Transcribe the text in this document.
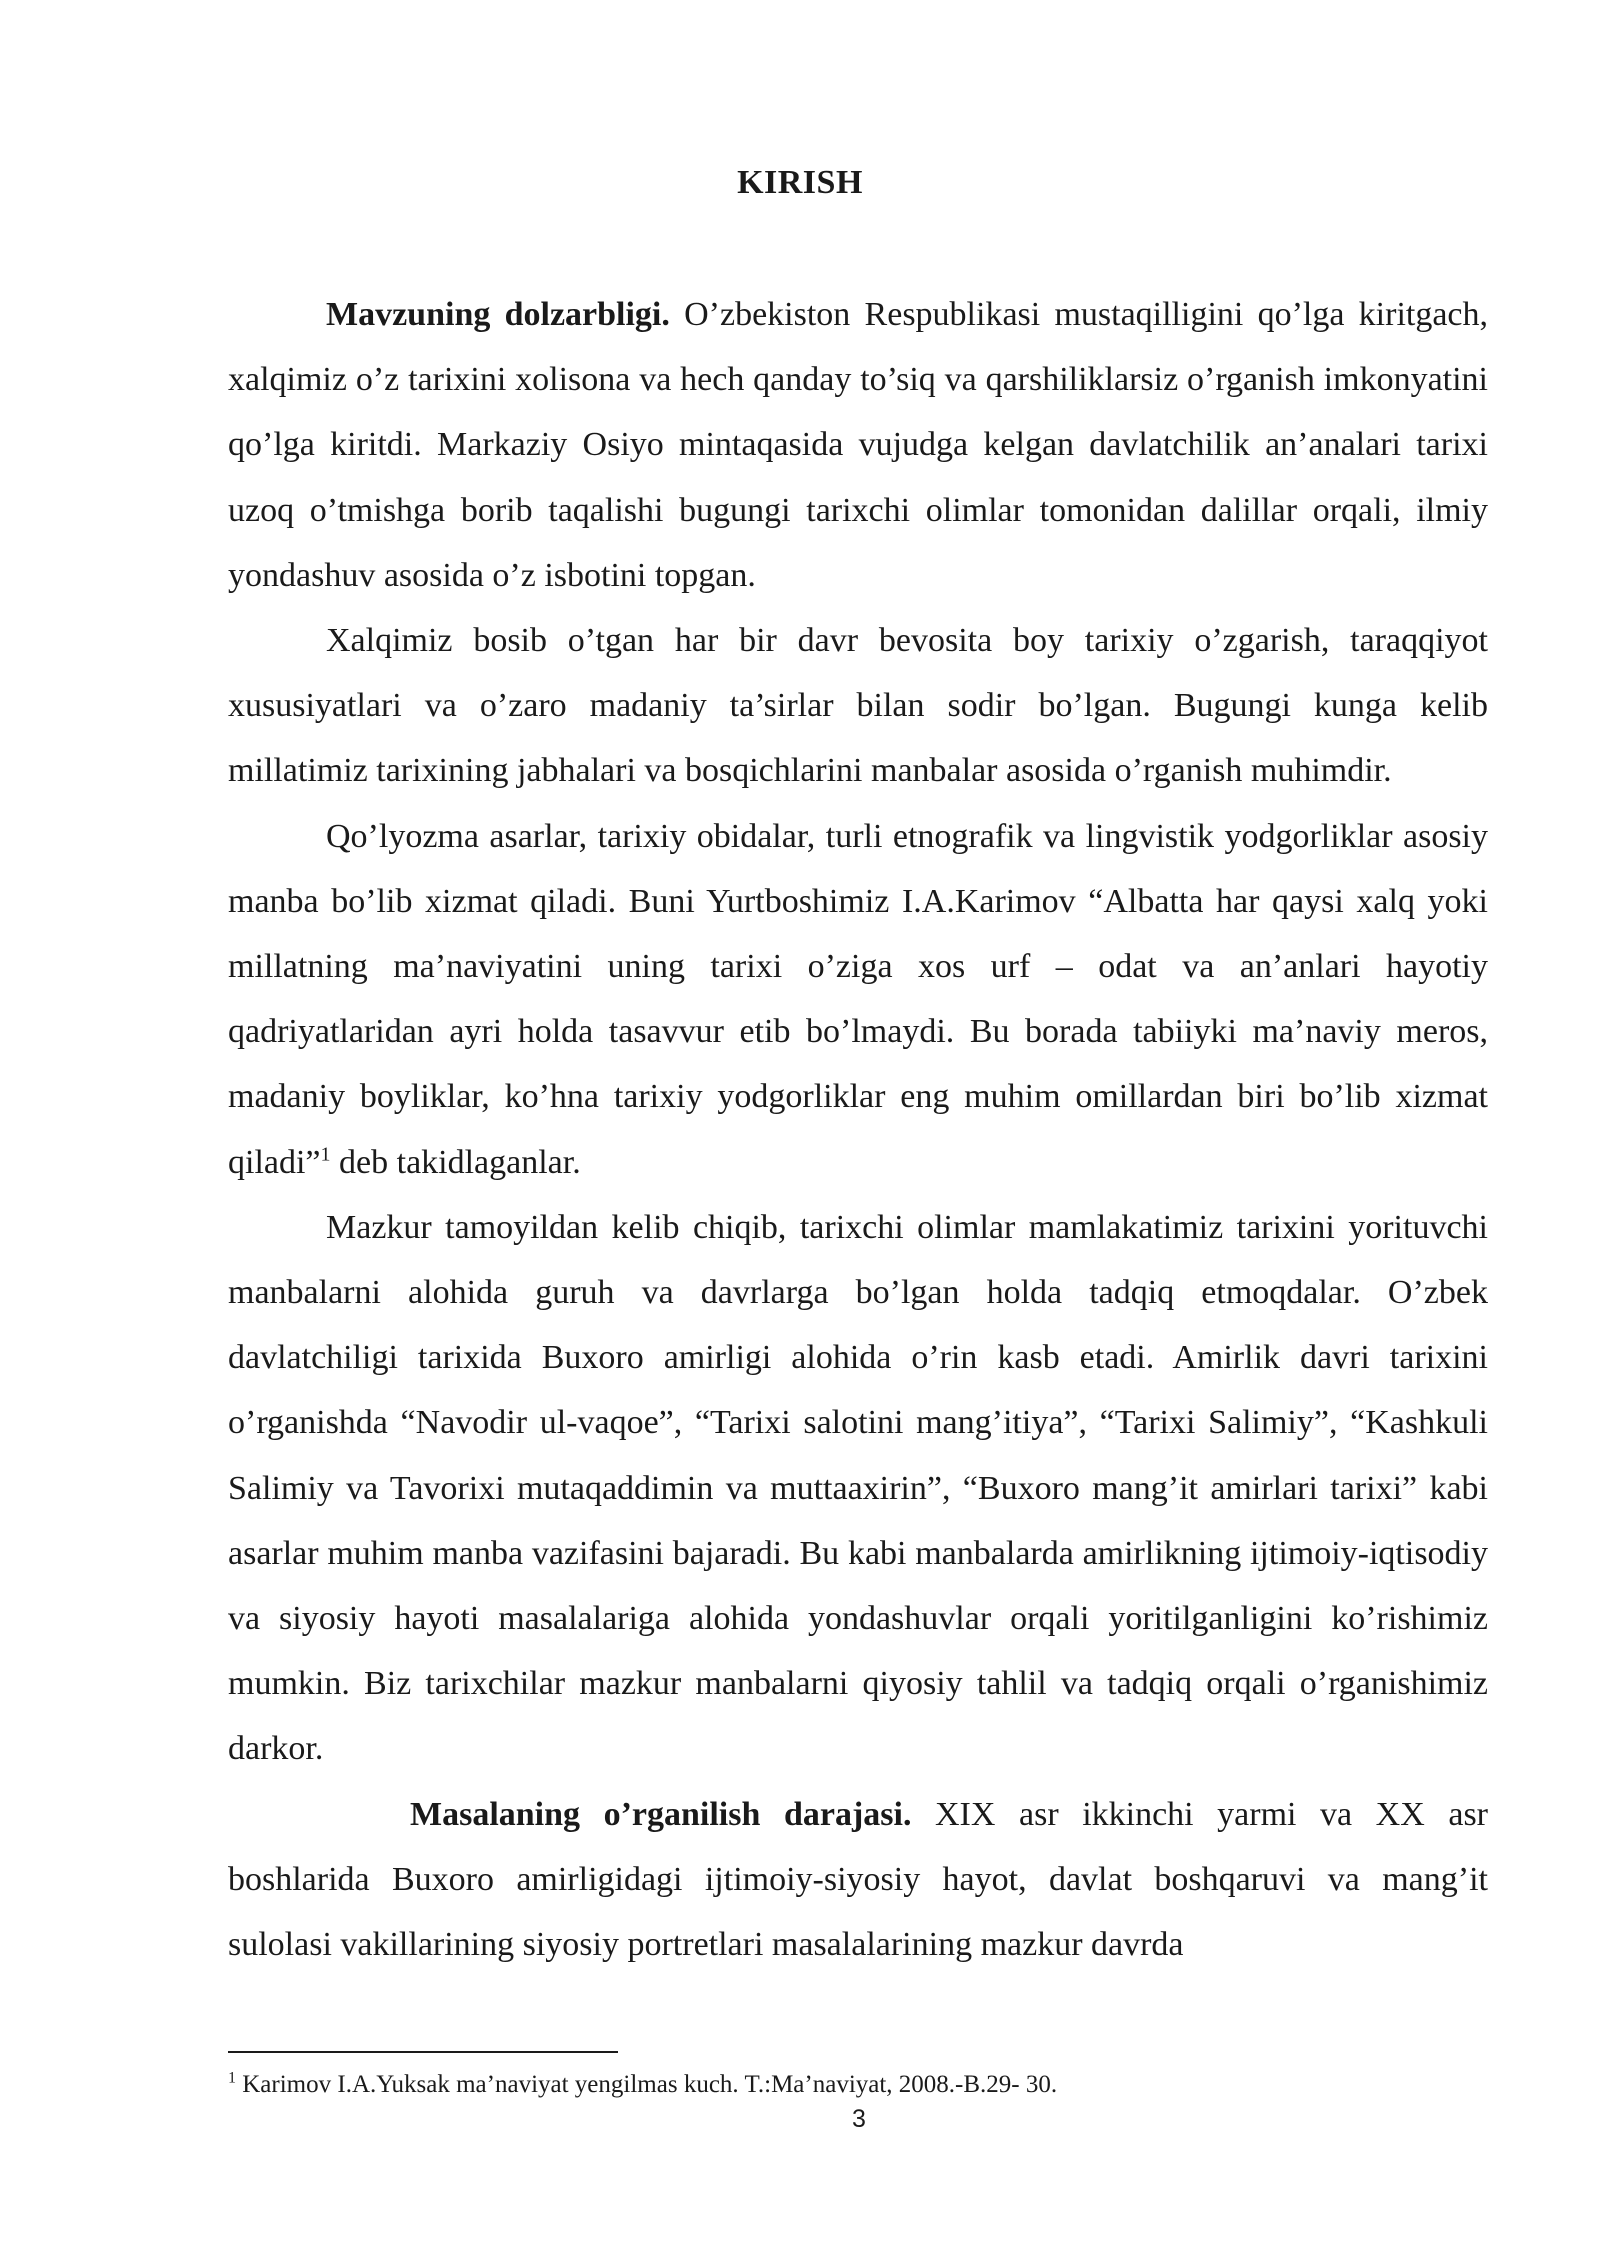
KIRISH

Mavzuning dolzarbligi. O’zbekiston Respublikasi mustaqilligini qo’lga kiritgach, xalqimiz o’z tarixini xolisona va hech qanday to’siq va qarshiliklarsiz o’rganish imkonyatini qo’lga kiritdi. Markaziy Osiyo mintaqasida vujudga kelgan davlatchilik an’analari tarixi uzoq o’tmishga borib taqalishi bugungi tarixchi olimlar tomonidan dalillar orqali, ilmiy yondashuv asosida o’z isbotini topgan.

Xalqimiz bosib o’tgan har bir davr bevosita boy tarixiy o’zgarish, taraqqiyot xususiyatlari va o’zaro madaniy ta’sirlar bilan sodir bo’lgan. Bugungi kunga kelib millatimiz tarixining jabhalari va bosqichlarini manbalar asosida o’rganish muhimdir.

Qo’lyozma asarlar, tarixiy obidalar, turli etnografik va lingvistik yodgorliklar asosiy manba bo’lib xizmat qiladi. Buni Yurtboshimiz I.A.Karimov “Albatta har qaysi xalq yoki millatning ma’naviyatini uning tarixi o’ziga xos urf – odat va an’anlari hayotiy qadriyatlaridan ayri holda tasavvur etib bo’lmaydi. Bu borada tabiiyki ma’naviy meros, madaniy boyliklar, ko’hna tarixiy yodgorliklar eng muhim omillardan biri bo’lib xizmat qiladi”$^1$ deb takidlaganlar.

Mazkur tamoyildan kelib chiqib, tarixchi olimlar mamlakatimiz tarixini yorituvchi manbalarni alohida guruh va davrlarga bo’lgan holda tadqiq etmoqdalar. O’zbek davlatchiligi tarixida Buxoro amirligi alohida o’rin kasb etadi. Amirlik davri tarixini o’rganishda “Navodir ul-vaqoe”, “Tarixi salotini mang’itiya”, “Tarixi Salimiy”, “Kashkuli Salimiy va Tavorixi mutaqaddimin va muttaaxirin”, “Buxoro mang’it amirlari tarixi” kabi asarlar muhim manba vazifasini bajaradi. Bu kabi manbalarda amirlikning ijtimoiy-iqtisodiy va siyosiy hayoti masalalariga alohida yondashuvlar orqali yoritilganligini ko’rishimiz mumkin. Biz tarixchilar mazkur manbalarni qiyosiy tahlil va tadqiq orqali o’rganishimiz darkor.

Masalaning o’rganilish darajasi. XIX asr ikkinchi yarmi va XX asr boshlarida Buxoro amirligidagi ijtimoiy-siyosiy hayot, davlat boshqaruvi va mang’it sulolasi vakillarining siyosiy portretlari masalalarining mazkur davrda

$^1$ Karimov I.A.Yuksak ma’naviyat yengilmas kuch. T.:Ma’naviyat, 2008.-B.29- 30.
3
